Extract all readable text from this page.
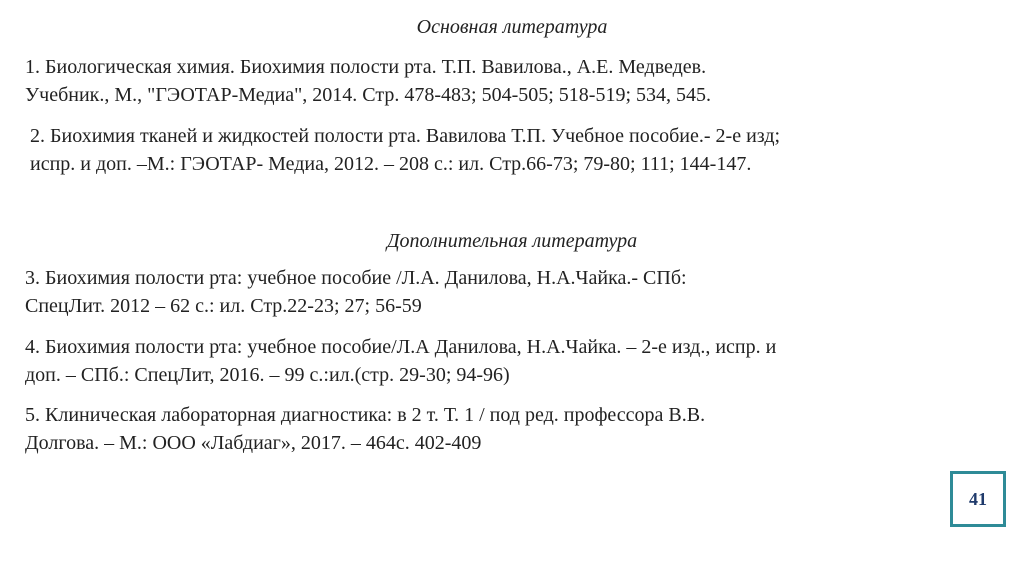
Основная литература
1. Биологическая химия. Биохимия полости рта. Т.П. Вавилова., А.Е. Медведев.
Учебник., М., "ГЭОТАР-Медиа", 2014. Стр. 478-483; 504-505; 518-519; 534, 545.
2. Биохимия тканей и жидкостей полости рта. Вавилова Т.П. Учебное пособие.- 2-е изд;
испр. и доп. –М.: ГЭОТАР- Медиа, 2012. – 208 с.: ил. Стр.66-73; 79-80; 111; 144-147.
Дополнительная литература
3. Биохимия полости рта: учебное пособие /Л.А. Данилова, Н.А.Чайка.- СПб:
СпецЛит. 2012 – 62 с.: ил. Стр.22-23; 27; 56-59
4. Биохимия полости рта: учебное пособие/Л.А Данилова, Н.А.Чайка. – 2-е изд., испр. и
доп. – СПб.: СпецЛит, 2016. – 99 с.:ил.(стр. 29-30; 94-96)
5. Клиническая лабораторная диагностика: в 2 т. Т. 1 / под ред. профессора В.В.
Долгова. – М.: ООО «Лабдиаг», 2017. – 464с. 402-409
41
